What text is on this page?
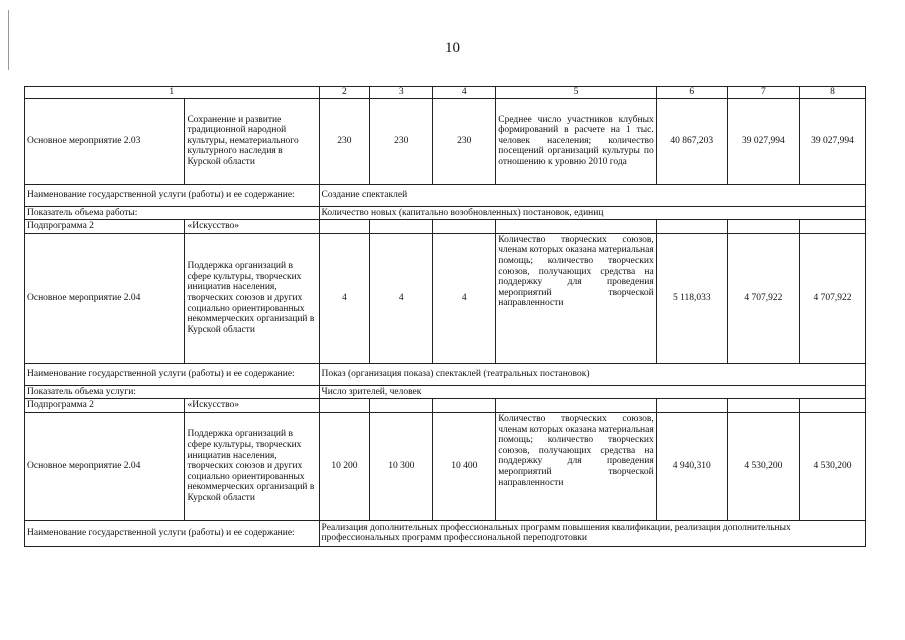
10
1		2	3	4	5	6	7	8
Основное мероприятие 2.03	Сохранение и развитие традиционной народной культуры, нематериального культурного наследия в Курской области	230	230	230	Среднее число участников клубных формирований в расчете на 1 тыс. человек населения; количество посещений организаций культуры по отношению к уровню 2010 года	40 867,203	39 027,994	39 027,994
Наименование государственной услуги (работы) и ее содержание:		Создание спектаклей						
Показатель объема работы:		Количество новых (капитально возобновленных) постановок, единиц						
Подпрограмма 2	«Искусство»							
Основное мероприятие 2.04	Поддержка организаций в сфере культуры, творческих инициатив населения, творческих союзов и других социально ориентированных некоммерческих организаций в Курской области	4	4	4	Количество творческих союзов, членам которых оказана материальная помощь; количество творческих союзов, получающих средства на поддержку для проведения мероприятий творческой направленности	5 118,033	4 707,922	4 707,922
Наименование государственной услуги (работы) и ее содержание:		Показ (организация показа) спектаклей (театральных постановок)						
Показатель объема услуги:		Число зрителей, человек						
Подпрограмма 2	«Искусство»							
Основное мероприятие 2.04	Поддержка организаций в сфере культуры, творческих инициатив населения, творческих союзов и других социально ориентированных некоммерческих организаций в Курской области	10 200	10 300	10 400	Количество творческих союзов, членам которых оказана материальная помощь; количество творческих союзов, получающих средства на поддержку для проведения мероприятий творческой направленности	4 940,310	4 530,200	4 530,200
Наименование государственной услуги (работы) и ее содержание:		Реализация дополнительных профессиональных программ повышения квалификации, реализация дополнительных профессиональных программ профессиональной переподготовки						
